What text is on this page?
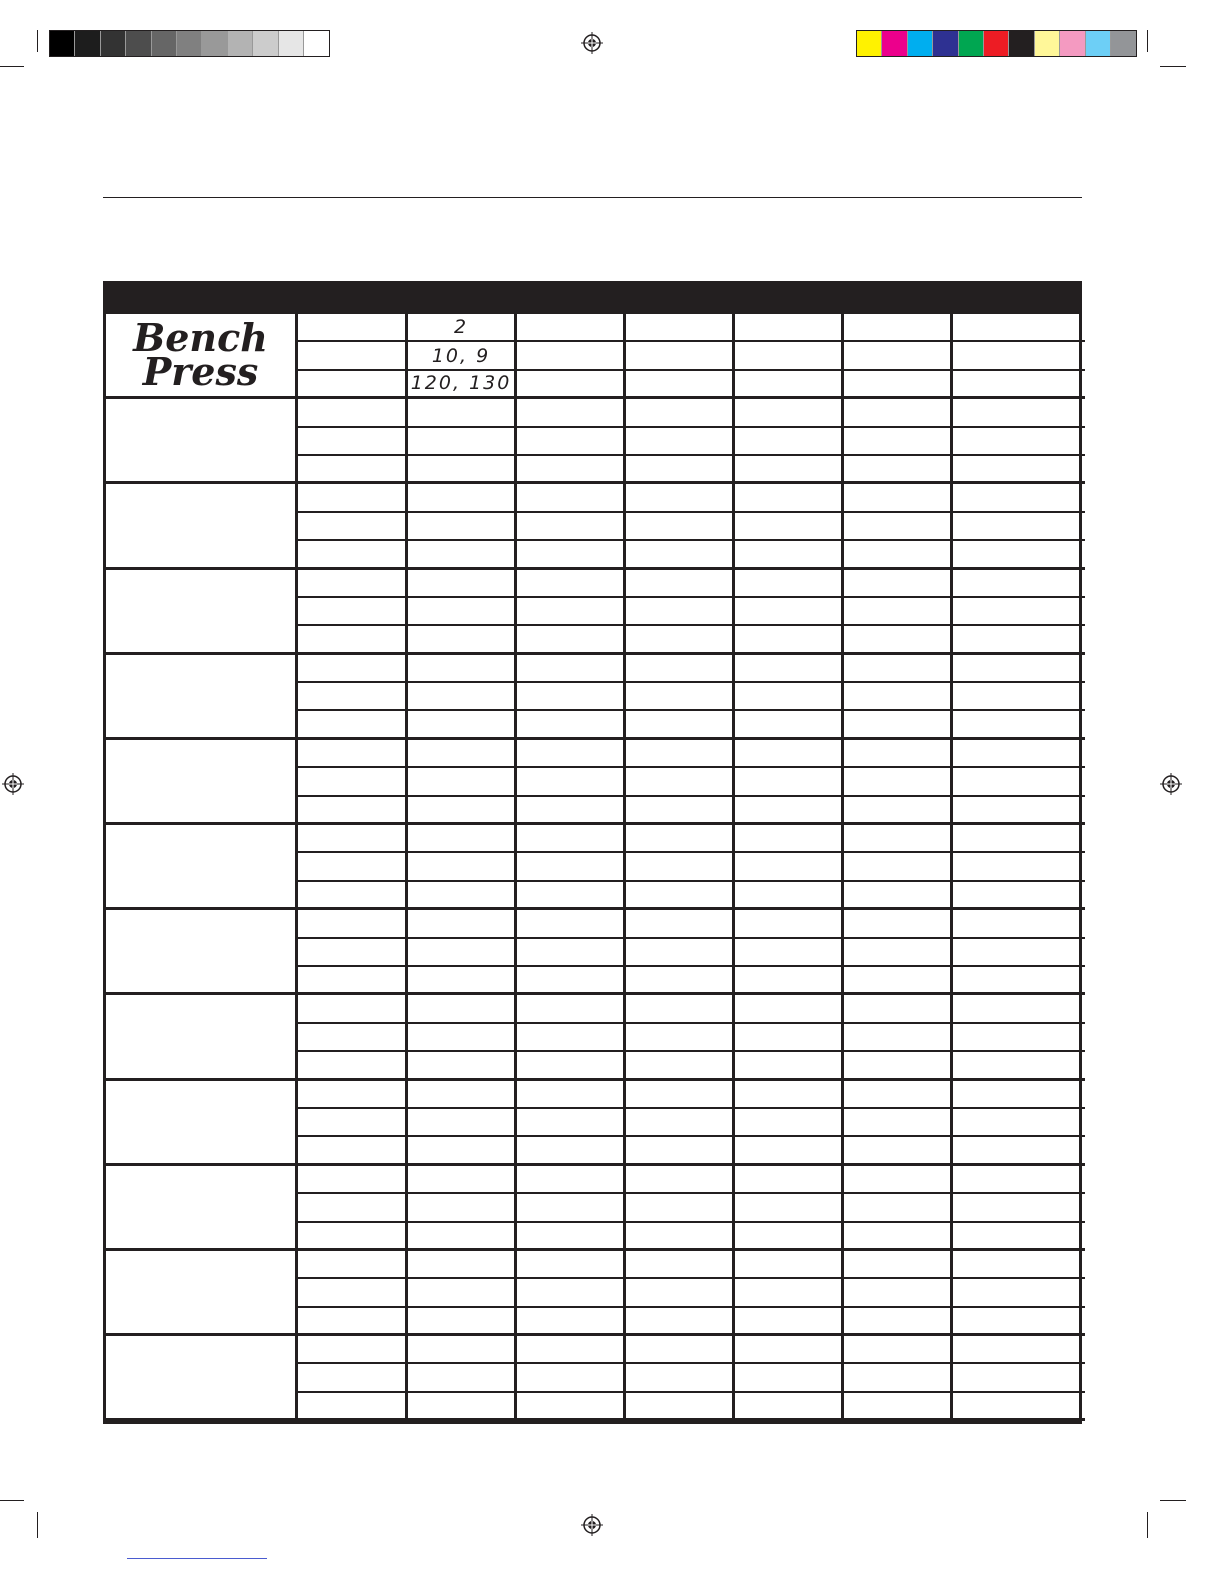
Bench
Press
2
10, 9
120, 130
